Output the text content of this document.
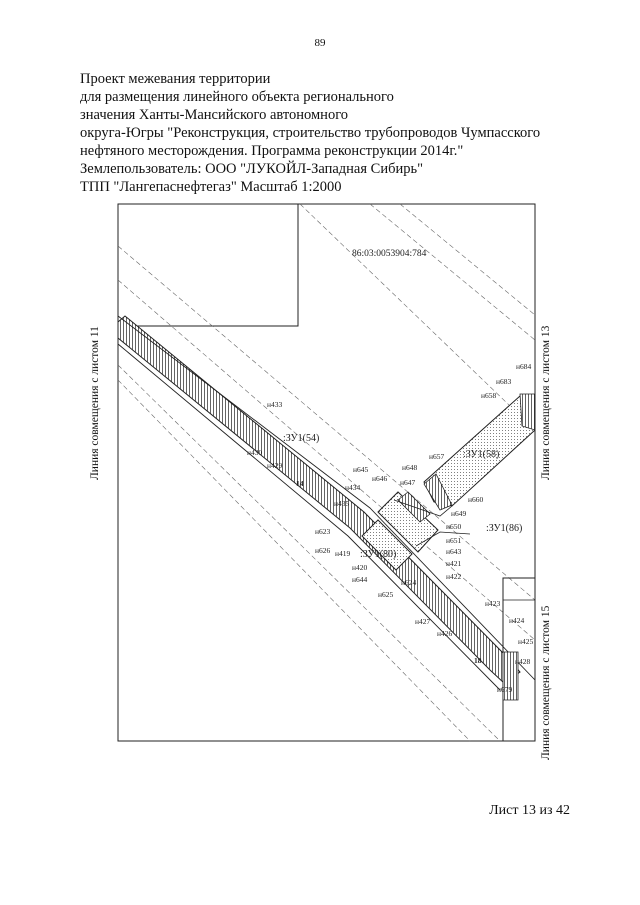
89
Проект межевания территории
для размещения линейного объекта регионального
значения Ханты-Мансийского автономного
округа-Югры "Реконструкция, строительство трубопроводов Чумпасского
нефтяного месторождения. Программа реконструкции 2014г."
Землепользователь: ООО "ЛУКОЙЛ-Западная Сибирь"
ТПП "Лангепаснефтегаз" Масштаб 1:2000
86:03:0053904:784
:ЗУ1(54)
:ЗУ1(58)
:ЗУ1(86)
:ЗУ1(80)
н433
н430
н429
14	н434
н435
н645
н646
н648
н647
н623
н626 н419
н420
н644
н625
н624
н422
н421
н643
н651
н650
н649
н660
н657
н658
н683
н684
н423
н424
н427
н426
н425
н428
18
н679
Линия совмещения с листом 11	Линия совмещения с листом 13
Линия совмещения с листом 15
Лист 13 из 42
